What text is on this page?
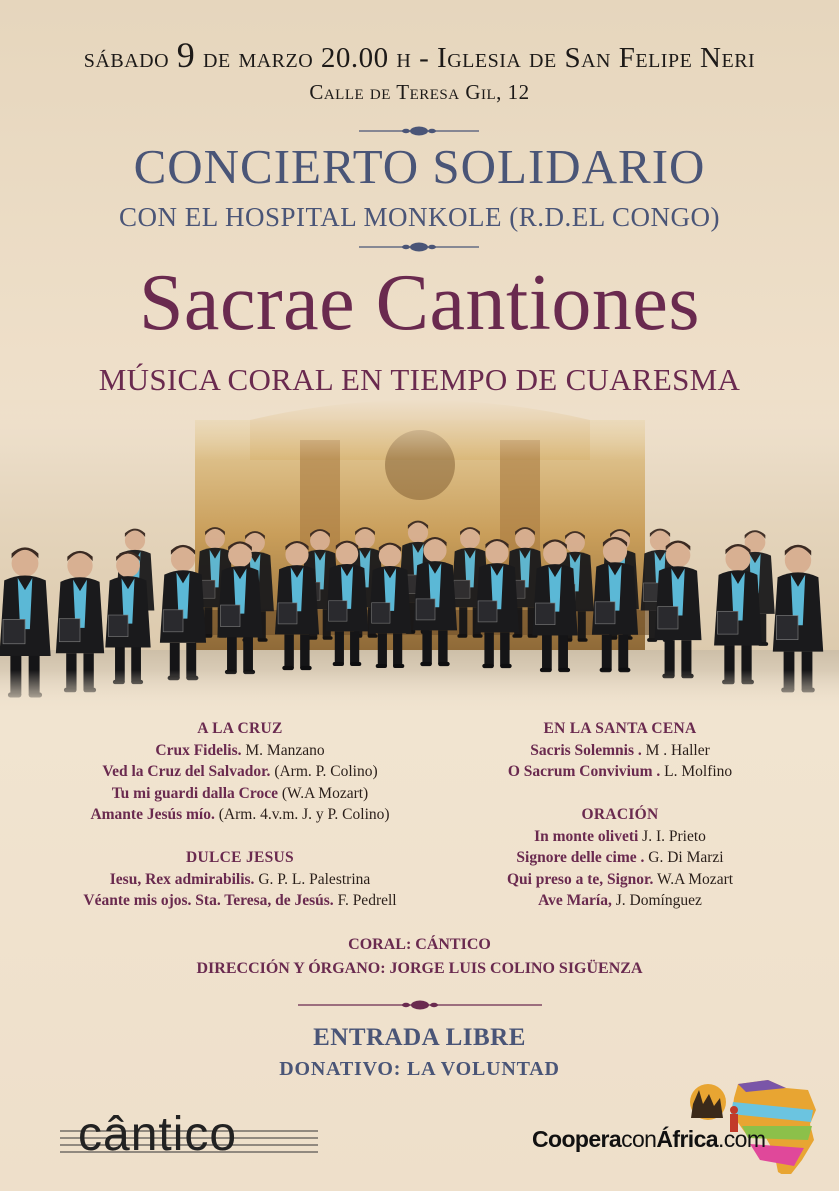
sábado 9 de marzo 20.00 h - Iglesia de San Felipe Neri
Calle de Teresa Gil, 12
CONCIERTO SOLIDARIO
CON EL HOSPITAL MONKOLE (R.D.EL CONGO)
Sacrae Cantiones
MÚSICA CORAL EN TIEMPO DE CUARESMA
A LA CRUZ
Crux Fidelis. M. Manzano
Ved la Cruz del Salvador. (Arm. P. Colino)
Tu mi guardi dalla Croce (W.A Mozart)
Amante Jesús mío. (Arm. 4.v.m. J. y P. Colino)
DULCE JESUS
Iesu, Rex admirabilis. G. P. L. Palestrina
Véante mis ojos. Sta. Teresa, de Jesús. F. Pedrell
EN LA SANTA CENA
Sacris Solemnis . M . Haller
O Sacrum Convivium . L. Molfino
ORACIÓN
In monte oliveti J. I. Prieto
Signore delle cime . G. Di Marzi
Qui preso a te, Signor. W.A Mozart
Ave María, J. Domínguez
CORAL: CÁNTICO
DIRECCIÓN Y ÓRGANO: JORGE LUIS COLINO SIGÜENZA
ENTRADA LIBRE
DONATIVO: LA VOLUNTAD
cântico	CooperaconÁfrica.com
